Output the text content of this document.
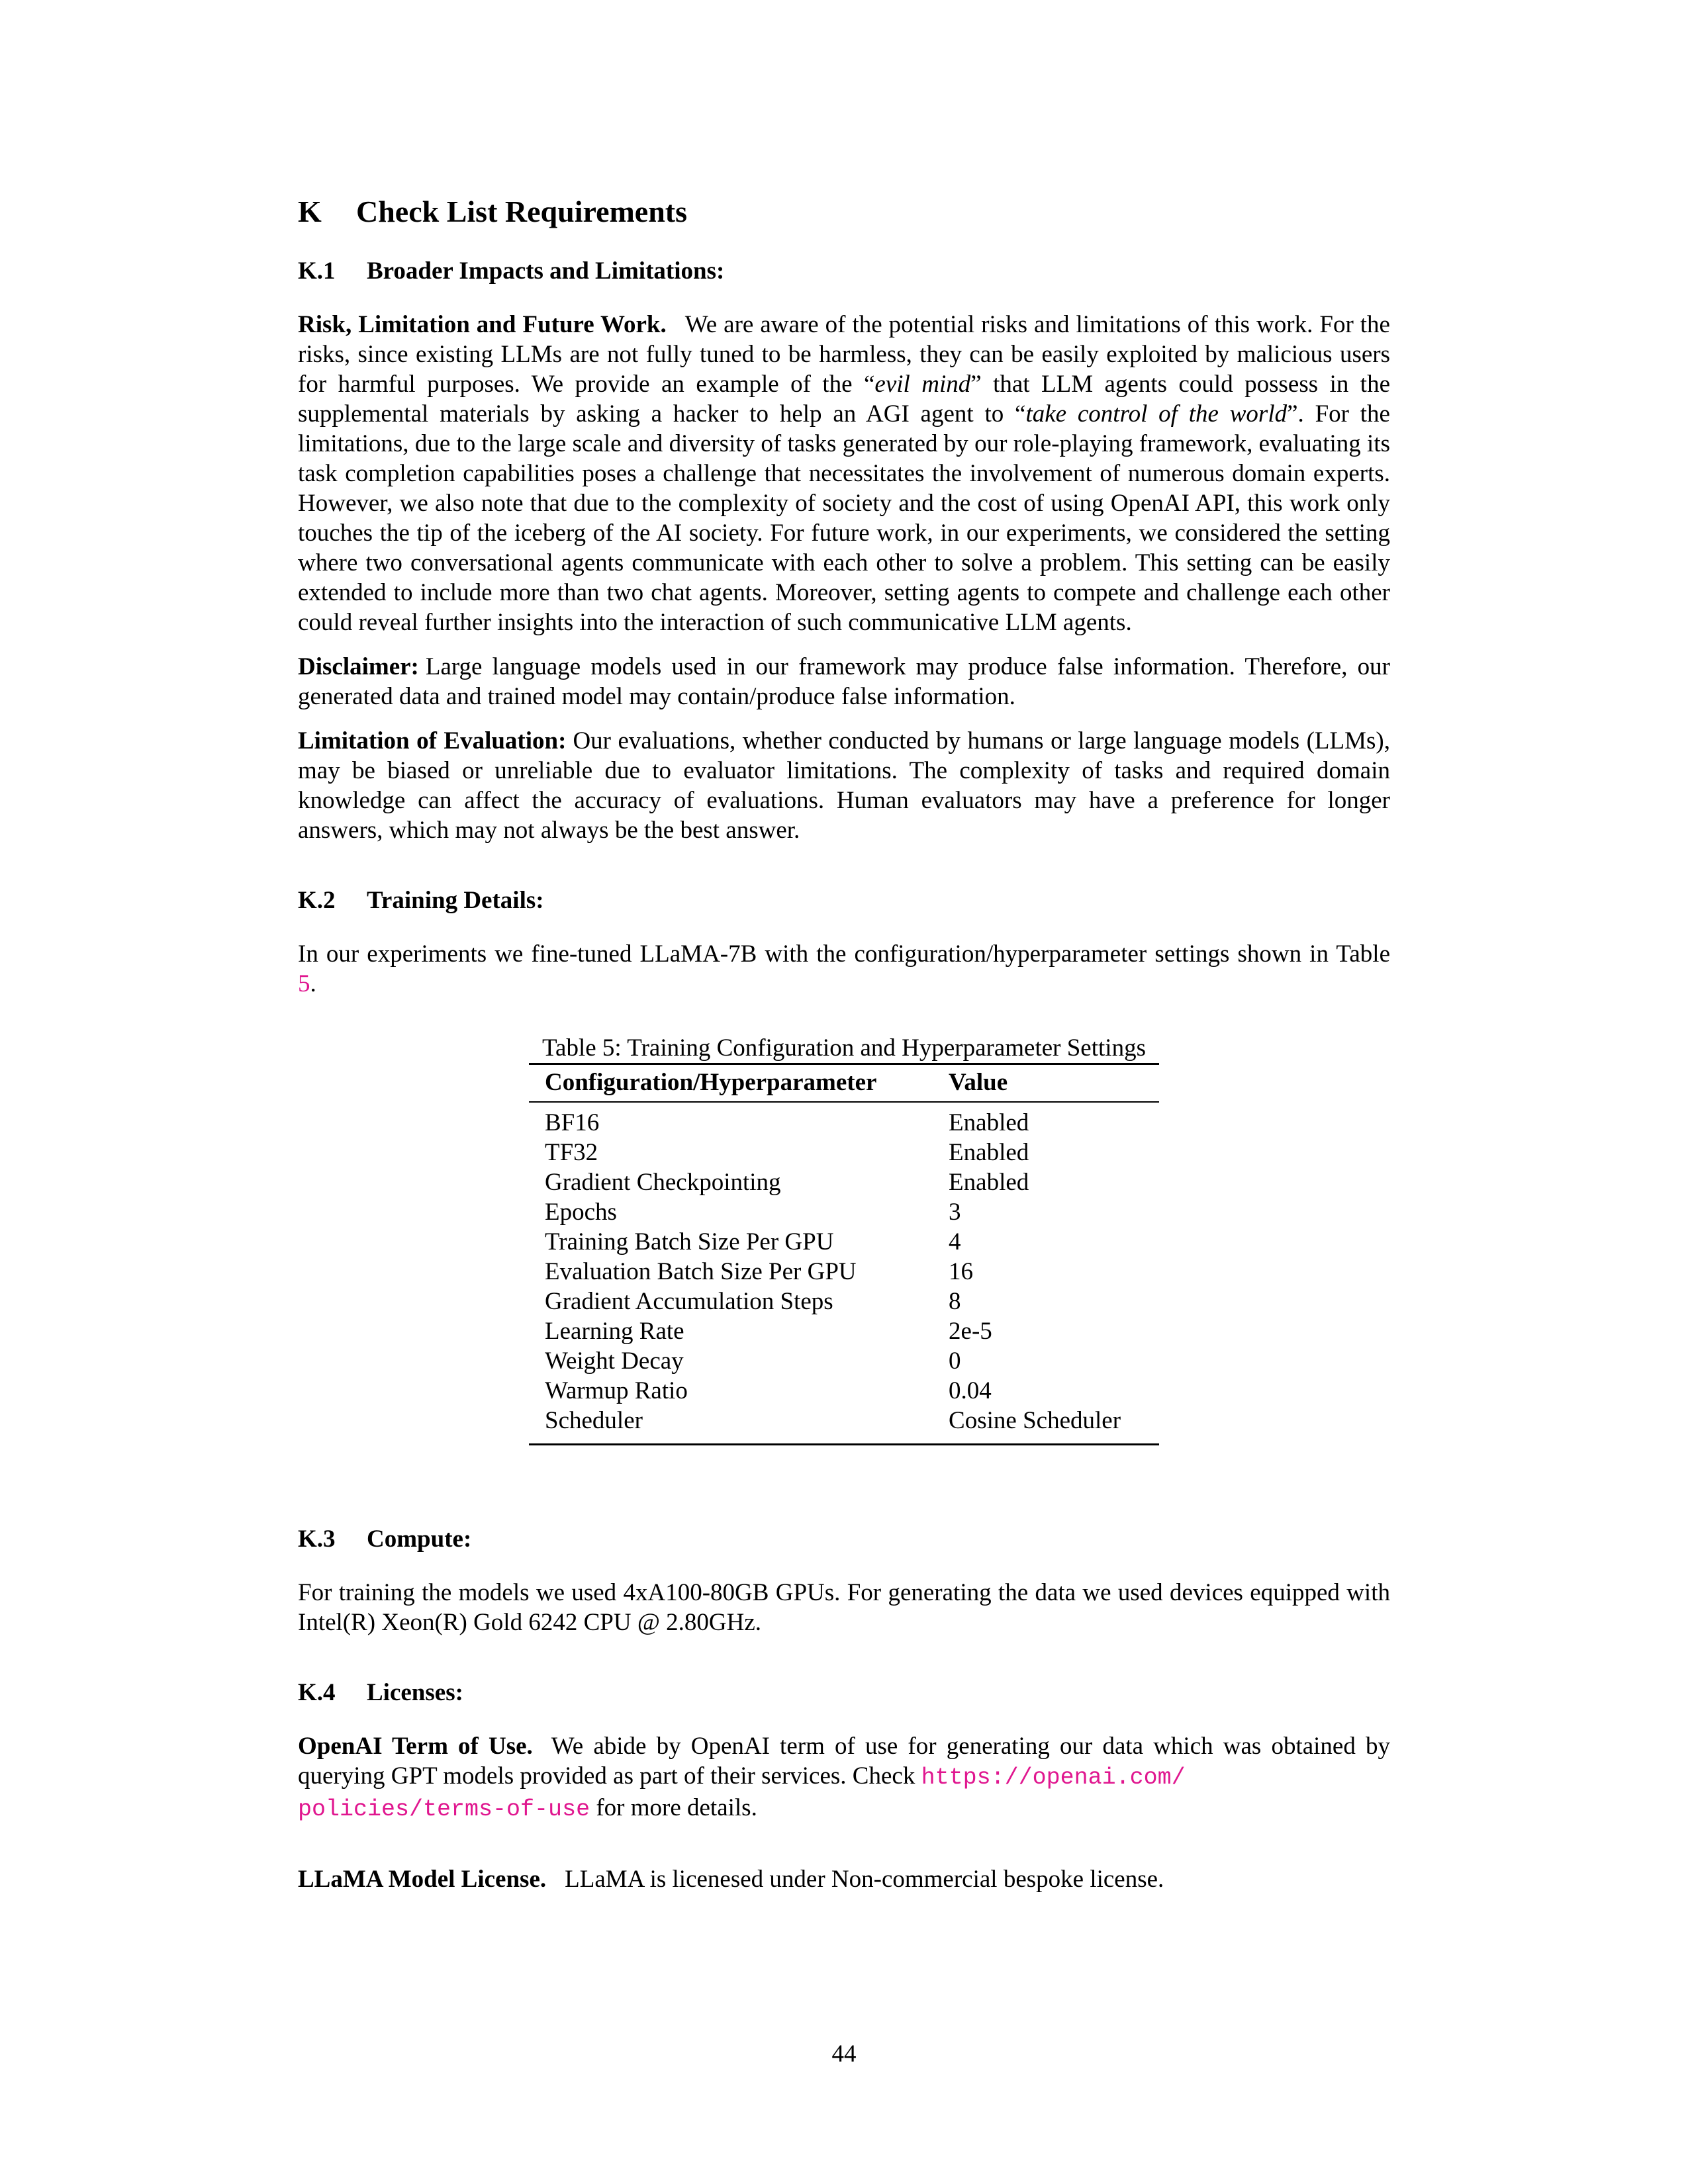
K Check List Requirements
K.1 Broader Impacts and Limitations:

Risk, Limitation and Future Work. We are aware of the potential risks and limitations of this work. For the risks, since existing LLMs are not fully tuned to be harmless, they can be easily exploited by malicious users for harmful purposes. We provide an example of the “evil mind” that LLM agents could possess in the supplemental materials by asking a hacker to help an AGI agent to “take control of the world”. For the limitations, due to the large scale and diversity of tasks generated by our role-playing framework, evaluating its task completion capabilities poses a challenge that necessitates the involvement of numerous domain experts. However, we also note that due to the complexity of society and the cost of using OpenAI API, this work only touches the tip of the iceberg of the AI society. For future work, in our experiments, we considered the setting where two conversational agents communicate with each other to solve a problem. This setting can be easily extended to include more than two chat agents. Moreover, setting agents to compete and challenge each other could reveal further insights into the interaction of such communicative LLM agents.

Disclaimer: Large language models used in our framework may produce false information. Therefore, our generated data and trained model may contain/produce false information.

Limitation of Evaluation: Our evaluations, whether conducted by humans or large language models (LLMs), may be biased or unreliable due to evaluator limitations. The complexity of tasks and required domain knowledge can affect the accuracy of evaluations. Human evaluators may have a preference for longer answers, which may not always be the best answer.

K.2 Training Details:

In our experiments we fine-tuned LLaMA-7B with the configuration/hyperparameter settings shown in Table 5.

Table 5: Training Configuration and Hyperparameter Settings

Configuration/Hyperparameter	Value
BF16	Enabled
TF32	Enabled
Gradient Checkpointing	Enabled
Epochs	3
Training Batch Size Per GPU	4
Evaluation Batch Size Per GPU	16
Gradient Accumulation Steps	8
Learning Rate	2e-5
Weight Decay	0
Warmup Ratio	0.04
Scheduler	Cosine Scheduler
K.3 Compute:

For training the models we used 4xA100-80GB GPUs. For generating the data we used devices equipped with Intel(R) Xeon(R) Gold 6242 CPU @ 2.80GHz.

K.4 Licenses:

OpenAI Term of Use. We abide by OpenAI term of use for generating our data which was obtained by querying GPT models provided as part of their services. Check https://openai.com/
policies/terms-of-use for more details.

LLaMA Model License. LLaMA is licenesed under Non-commercial bespoke license.

44
